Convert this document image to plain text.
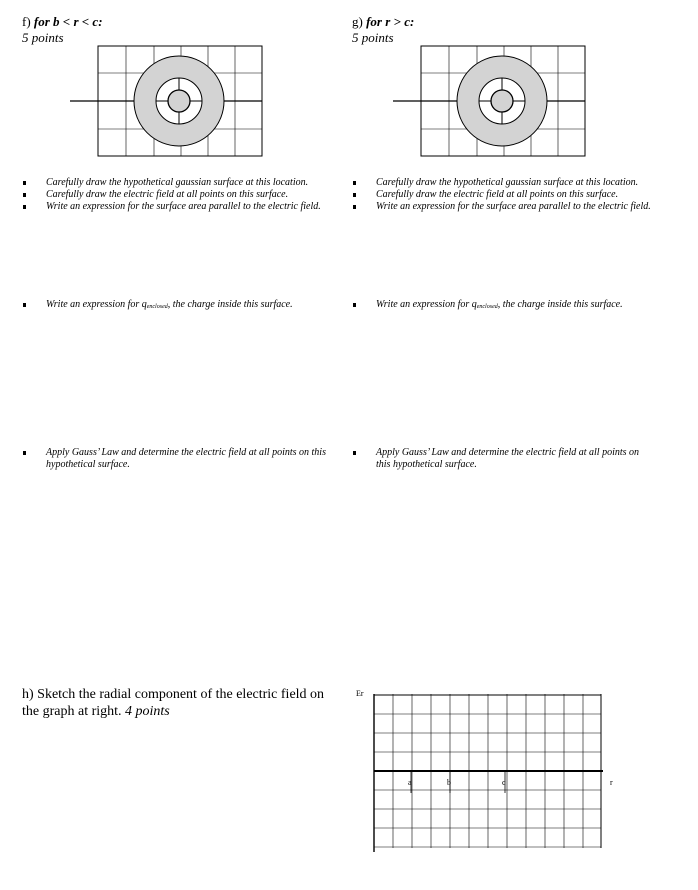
f) for b < r < c:
5 points
Carefully draw the hypothetical gaussian surface at this location.
Carefully draw the electric field at all points on this surface.
Write an expression for the surface area parallel to the electric field.
Write an expression for qenclosed, the charge inside this surface.
Apply Gauss’ Law and determine the electric field at all points on this hypothetical surface.
g) for r > c:
5 points
Carefully draw the hypothetical gaussian surface at this location.
Carefully draw the electric field at all points on this surface.
Write an expression for the surface area parallel to the electric field.
Write an expression for qenclosed, the charge inside this surface.
Apply Gauss’ Law and determine the electric field at all points on this hypothetical surface.
h) Sketch the radial component of the electric field on the graph at right. 4 points
Er
a	b	c	r
